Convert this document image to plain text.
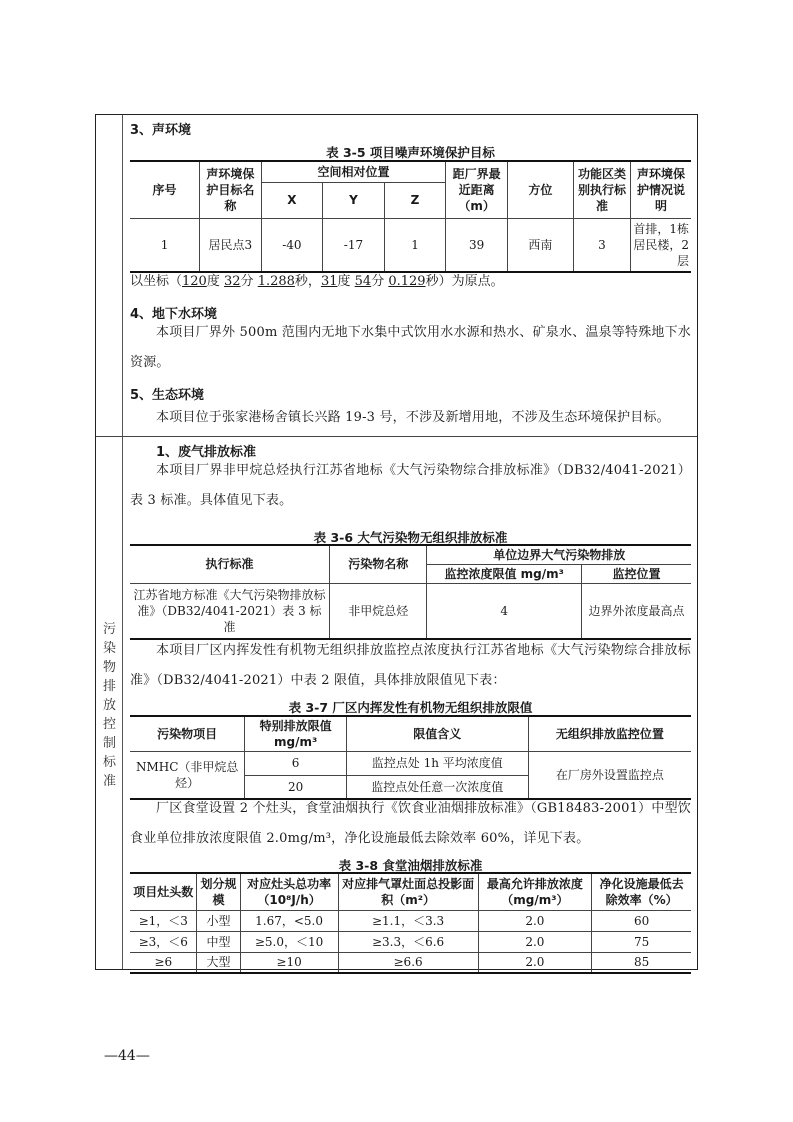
污
染
物
排
放
控
制
标
准
3、声环境
表 3-5 项目噪声环境保护目标
序号	声环境保护目标名称	空间相对位置			距厂界最近距离（m）	方位	功能区类别执行标准	声环境保护情况说明
		X	Y	Z				
1	居民点3	-40	-17	1	39	西南	3	首排，1栋居民楼，2层
以坐标（120度 32分 1.288秒，31度 54分 0.129秒）为原点。
4、地下水环境

本项目厂界外 500m 范围内无地下水集中式饮用水水源和热水、矿泉水、温泉等特殊地下水资源。

5、生态环境

本项目位于张家港杨舍镇长兴路 19-3 号，不涉及新增用地，不涉及生态环境保护目标。

1、废气排放标准

本项目厂界非甲烷总烃执行江苏省地标《大气污染物综合排放标准》（DB32/4041-2021）表 3 标准。具体值见下表。

表 3-6 大气污染物无组织排放标准
执行标准	污染物名称	单位边界大气污染物排放	
		监控浓度限值 mg/m³	监控位置
江苏省地方标准《大气污染物排放标准》（DB32/4041-2021）表 3 标准	非甲烷总烃	4	边界外浓度最高点

本项目厂区内挥发性有机物无组织排放监控点浓度执行江苏省地标《大气污染物综合排放标准》（DB32/4041-2021）中表 2 限值，具体排放限值见下表：

表 3-7 厂区内挥发性有机物无组织排放限值
污染物项目	特别排放限值 mg/m³	限值含义	无组织排放监控位置
NMHC（非甲烷总烃）	6	监控点处 1h 平均浓度值	在厂房外设置监控点
	20	监控点处任意一次浓度值	

厂区食堂设置 2 个灶头，食堂油烟执行《饮食业油烟排放标准》（GB18483-2001）中型饮食业单位排放浓度限值 2.0mg/m³，净化设施最低去除效率 60%，详见下表。

表 3-8 食堂油烟排放标准
项目灶头数	划分规模	对应灶头总功率（10⁸J/h）	对应排气罩灶面总投影面积（m²）	最高允许排放浓度（mg/m³）	净化设施最低去除效率（%）
≥1，＜3	小型	1.67，<5.0	≥1.1，＜3.3	2.0	60
≥3，＜6	中型	≥5.0，＜10	≥3.3，＜6.6	2.0	75
≥6	大型	≥10	≥6.6	2.0	85
—44—
